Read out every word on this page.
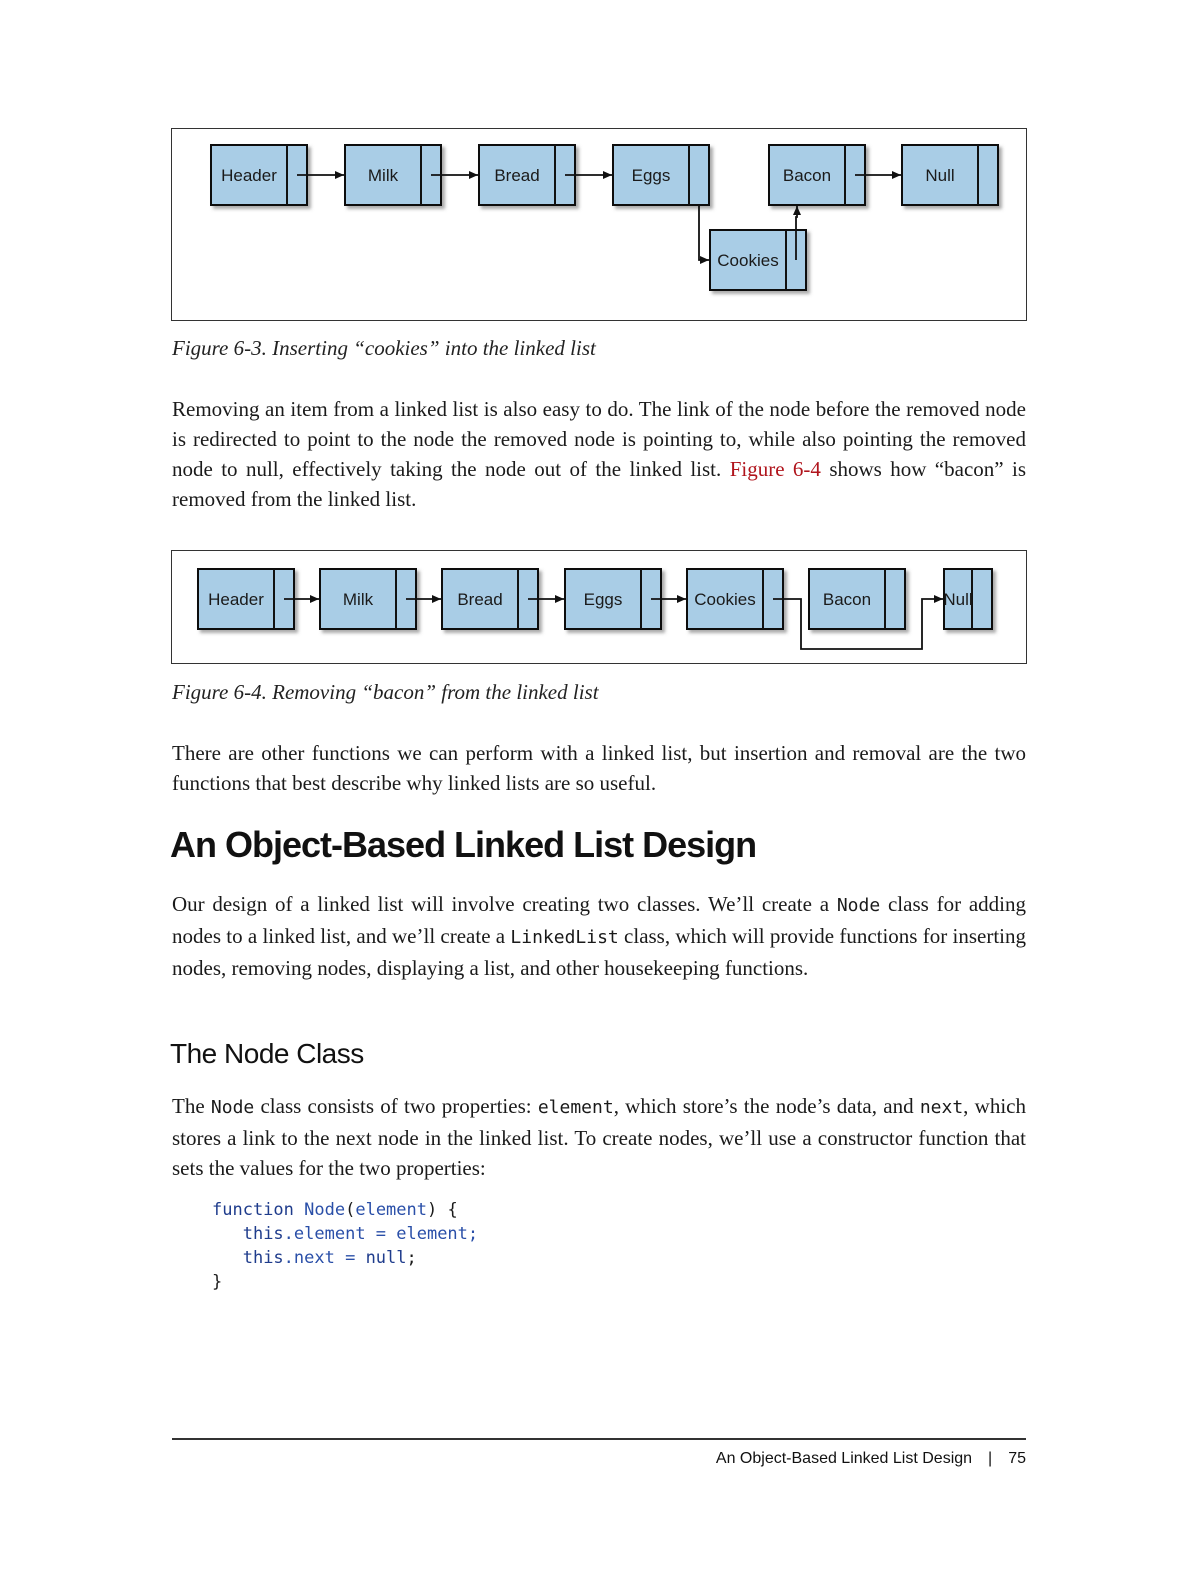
Header	Milk	Bread	Eggs	Bacon	Null
Cookies
Figure 6-3. Inserting “cookies” into the linked list
Removing an item from a linked list is also easy to do. The link of the node before the removed node is redirected to point to the node the removed node is pointing to, while also pointing the removed node to null, effectively taking the node out of the linked list. Figure 6-4 shows how “bacon” is removed from the linked list.
Header	Milk	Bread	Eggs	Cookies	Bacon	Null
Figure 6-4. Removing “bacon” from the linked list
There are other functions we can perform with a linked list, but insertion and removal are the two functions that best describe why linked lists are so useful.
An Object-Based Linked List Design
Our design of a linked list will involve creating two classes. We’ll create a Node class for adding nodes to a linked list, and we’ll create a LinkedList class, which will provide functions for inserting nodes, removing nodes, displaying a list, and other housekeeping functions.
The Node Class
The Node class consists of two properties: element, which store’s the node’s data, and next, which stores a link to the next node in the linked list. To create nodes, we’ll use a constructor function that sets the values for the two properties:
function Node(element) {
this.element = element;
this.next = null;
}
An Object-Based Linked List Design | 75
